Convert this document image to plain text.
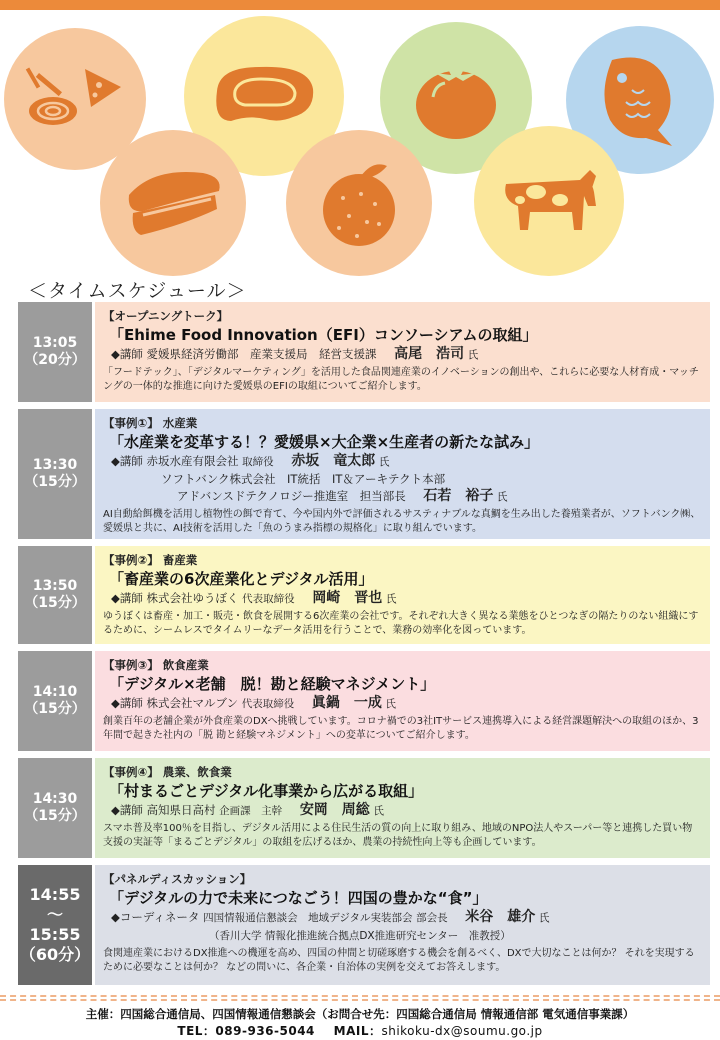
＜タイムスケジュール＞
13:05
（20分）
【オープニングトーク】
「Ehime Food Innovation（EFI）コンソーシアムの取組」
◆講師 愛媛県経済労働部　産業支援局　経営支援課 高尾　浩司 氏
「フードテック」、「デジタルマーケティング」を活用した食品関連産業のイノベーションの創出や、これらに必要な人材育成・マッチングの一体的な推進に向けた愛媛県のEFIの取組についてご紹介します。
13:30
（15分）
【事例①】 水産業
「水産業を変革する！？愛媛県×大企業×生産者の新たな試み」
◆講師 赤坂水産有限会社 取締役 赤坂　竜太郎 氏
ソフトバンク株式会社　IT統括　IT＆アーキテクト本部
アドバンスドテクノロジー推進室　担当部長 石若　裕子 氏
AI自動給餌機を活用し植物性の餌で育て、今や国内外で評価されるサスティナブルな真鯛を生み出した養殖業者が、ソフトバンク㈱、愛媛県と共に、AI技術を活用した「魚のうまみ指標の規格化」に取り組んでいます。
13:50
（15分）
【事例②】 畜産業
「畜産業の6次産業化とデジタル活用」
◆講師 株式会社ゆうぼく 代表取締役 岡崎　晋也 氏
ゆうぼくは畜産・加工・販売・飲食を展開する6次産業の会社です。それぞれ大きく異なる業態をひとつなぎの隔たりのない組織にするために、シームレスでタイムリーなデータ活用を行うことで、業務の効率化を図っています。
14:10
（15分）
【事例③】 飲食産業
「デジタル×老舗　脱！勘と経験マネジメント」
◆講師 株式会社マルブン 代表取締役 眞鍋　一成 氏
創業百年の老舗企業が外食産業のDXへ挑戦しています。コロナ禍での3社ITサービス連携導入による経営課題解決への取組のほか、3年間で起きた社内の「脱 勘と経験マネジメント」への変革についてご紹介します。
14:30
（15分）
【事例④】 農業、飲食業
「村まるごとデジタル化事業から広がる取組」
◆講師 高知県日高村 企画課　主幹 安岡　周総 氏
スマホ普及率100％を目指し、デジタル活用による住民生活の質の向上に取り組み、地域のNPO法人やスーパー等と連携した買い物支援の実証等「まるごとデジタル」の取組を広げるほか、農業の持続性向上等も企画しています。
14:55
～
15:55
（60分）
【パネルディスカッション】
「デジタルの力で未来につなごう！四国の豊かな“食”」
◆コーディネータ 四国情報通信懇談会　地域デジタル実装部会 部会長 米谷　雄介 氏
（香川大学 情報化推進統合拠点DX推進研究センター　准教授）
食関連産業におけるDX推進への機運を高め、四国の仲間と切磋琢磨する機会を創るべく、DXで大切なことは何か？ それを実現するために必要なことは何か？ などの問いに、各企業・自治体の実例を交えてお答えします。
主催：四国総合通信局、四国情報通信懇談会（お問合せ先：四国総合通信局 情報通信部 電気通信事業課）
TEL：089-936-5044 MAIL：shikoku-dx@soumu.go.jp
